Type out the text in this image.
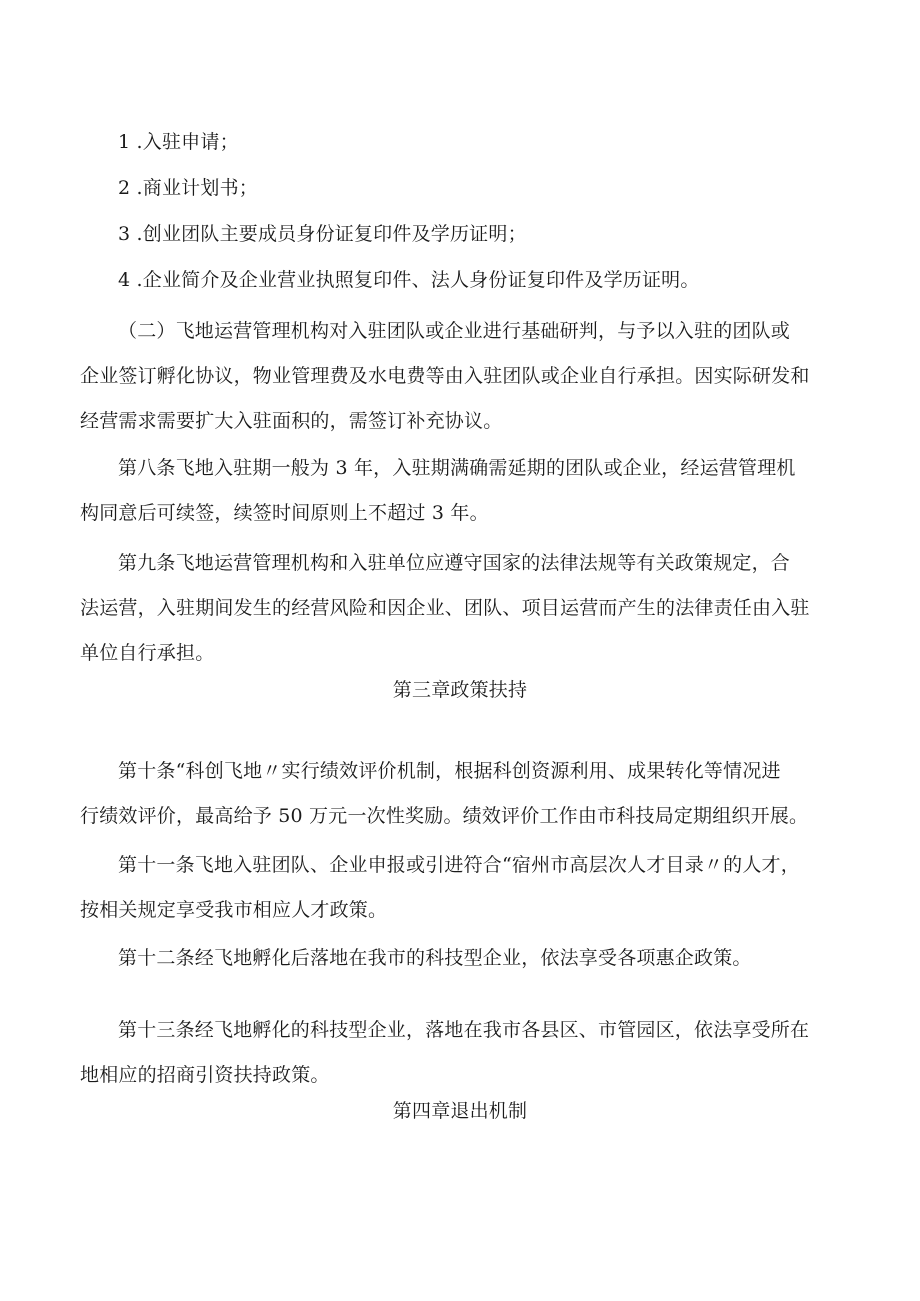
1 .入驻申请；
2 .商业计划书；
3 .创业团队主要成员身份证复印件及学历证明；
4 .企业简介及企业营业执照复印件、法人身份证复印件及学历证明。
（二）飞地运营管理机构对入驻团队或企业进行基础研判，与予以入驻的团队或
企业签订孵化协议，物业管理费及水电费等由入驻团队或企业自行承担。因实际研发和
经营需求需要扩大入驻面积的，需签订补充协议。
第八条飞地入驻期一般为 3 年，入驻期满确需延期的团队或企业，经运营管理机
构同意后可续签，续签时间原则上不超过 3 年。
第九条飞地运营管理机构和入驻单位应遵守国家的法律法规等有关政策规定，合
法运营，入驻期间发生的经营风险和因企业、团队、项目运营而产生的法律责任由入驻
单位自行承担。
第三章政策扶持
第十条“科创飞地〃实行绩效评价机制，根据科创资源利用、成果转化等情况进
行绩效评价，最高给予 50 万元一次性奖励。绩效评价工作由市科技局定期组织开展。
第十一条飞地入驻团队、企业申报或引进符合“宿州市高层次人才目录〃的人才，
按相关规定享受我市相应人才政策。
第十二条经飞地孵化后落地在我市的科技型企业，依法享受各项惠企政策。
第十三条经飞地孵化的科技型企业，落地在我市各县区、市管园区，依法享受所在
地相应的招商引资扶持政策。
第四章退出机制
